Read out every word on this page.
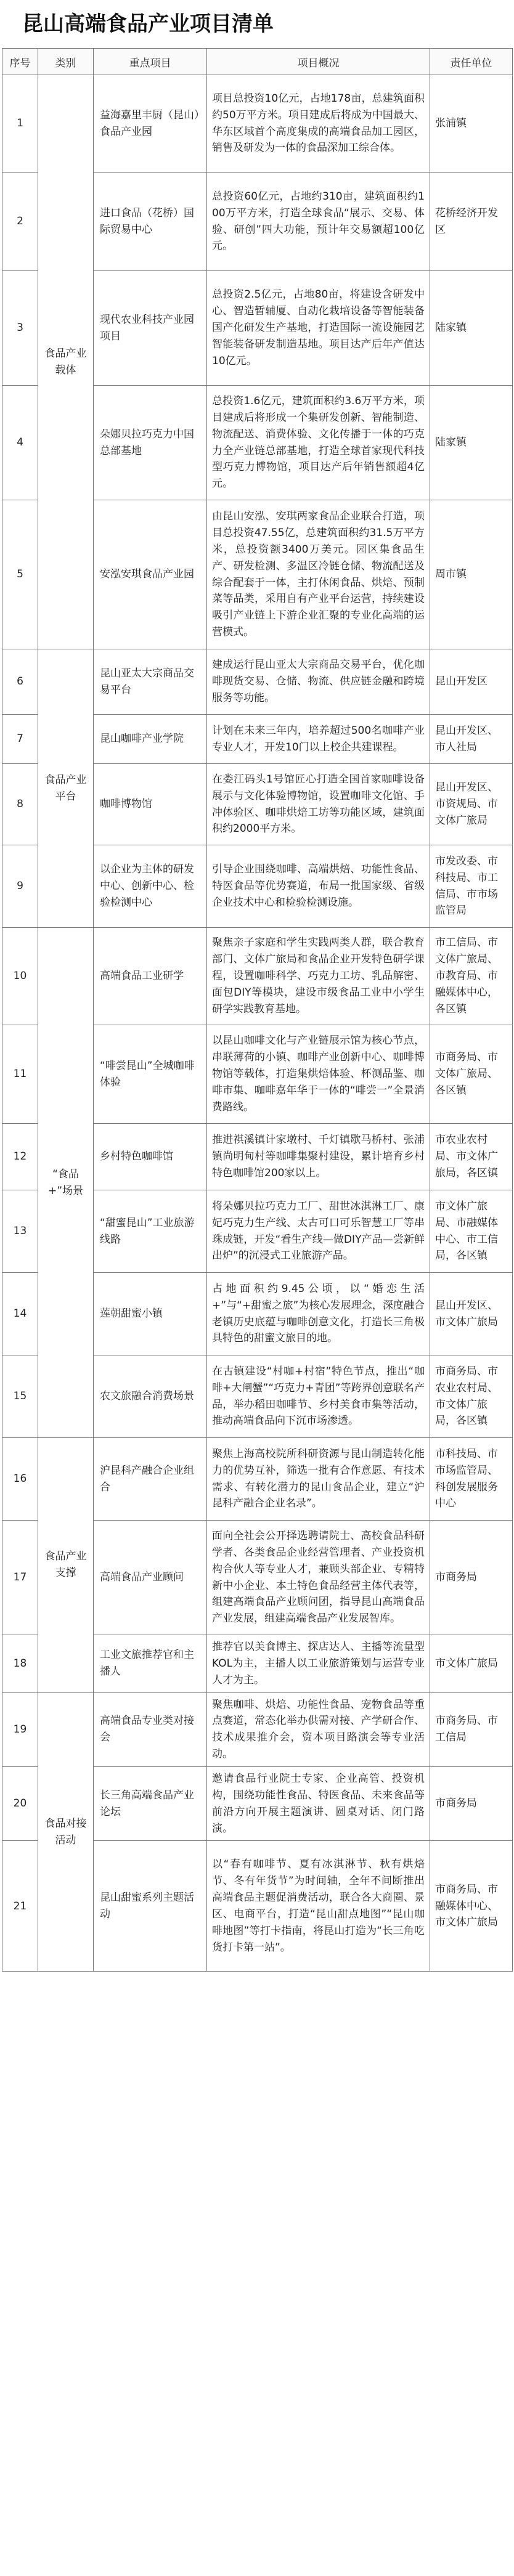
昆山高端食品产业项目清单
序号	类别	重点项目	项目概况	责任单位
1	食品产业载体	益海嘉里丰厨（昆山）食品产业园	项目总投资10亿元，占地178亩，总建筑面积约50万平方米。项目建成后将成为中国最大、华东区域首个高度集成的高端食品加工园区，销售及研发为一体的食品深加工综合体。	张浦镇
2		进口食品（花桥）国际贸易中心	总投资60亿元，占地约310亩，建筑面积约100万平方米，打造全球食品“展示、交易、体验、研创”四大功能，预计年交易额超100亿元。	花桥经济开发区
3		现代农业科技产业园项目	总投资2.5亿元，占地80亩，将建设含研发中心、智造暂辅厦、自动化栽培设备等智能装备国产化研发生产基地，打造国际一流设施园艺智能装备研发制造基地。项目达产后年产值达10亿元。	陆家镇
4		朵娜贝拉巧克力中国总部基地	总投资1.6亿元，建筑面积约3.6万平方米，项目建成后将形成一个集研发创新、智能制造、物流配送、消费体验、文化传播于一体的巧克力全产业链总部基地，打造全球首家现代科技型巧克力博物馆，项目达产后年销售额超4亿元。	陆家镇
5		安泓安琪食品产业园	由昆山安泓、安琪两家食品企业联合打造，项目总投资47.55亿，总建筑面积约31.5万平方米，总投资额3400万美元。园区集食品生产、研发检测、多温区冷链仓储、物流配送及综合配套于一体，主打休闲食品、烘焙、预制菜等品类，采用自有产业平台运营，持续建设吸引产业链上下游企业汇聚的专业化高端的运营模式。	周市镇
6	食品产业平台	昆山亚太大宗商品交易平台	建成运行昆山亚太大宗商品交易平台，优化咖啡现货交易、仓储、物流、供应链金融和跨境服务等功能。	昆山开发区
7		昆山咖啡产业学院	计划在未来三年内，培养超过500名咖啡产业专业人才，开发10门以上校企共建课程。	昆山开发区、市人社局
8		咖啡博物馆	在娄江码头1号馆匠心打造全国首家咖啡设备展示与文化体验博物馆，设置咖啡文化馆、手冲体验区、咖啡烘焙工坊等功能区域，建筑面积约2000平方米。	昆山开发区、市资规局、市文体广旅局
9		以企业为主体的研发中心、创新中心、检验检测中心	引导企业围绕咖啡、高端烘焙、功能性食品、特医食品等优势赛道，布局一批国家级、省级企业技术中心和检验检测设施。	市发改委、市科技局、市工信局、市市场监管局
10	“食品+”场景	高端食品工业研学	聚焦亲子家庭和学生实践两类人群，联合教育部门、文体广旅局和食品企业开发特色研学课程，设置咖啡科学、巧克力工坊、乳品解密、面包DIY等模块，建设市级食品工业中小学生研学实践教育基地。	市工信局、市文体广旅局、市教育局、市融媒体中心，各区镇
11		“啡尝昆山”全城咖啡体验	以昆山咖啡文化与产业链展示馆为核心节点，串联薄荷的小镇、咖啡产业创新中心、咖啡博物馆等载体，打造集烘焙体验、杯测品鉴、咖啡市集、咖啡嘉年华于一体的“啡尝一”全景消费路线。	市商务局、市文体广旅局、各区镇
12		乡村特色咖啡馆	推进祺溪镇计家墩村、千灯镇歇马桥村、张浦镇尚明甸村等咖啡集聚村建设，累计培育乡村特色咖啡馆200家以上。	市农业农村局、市文体广旅局，各区镇
13		“甜蜜昆山”工业旅游线路	将朵娜贝拉巧克力工厂、甜世冰淇淋工厂、康妃巧克力生产线、太古可口可乐智慧工厂等串珠成链，开发“看生产线—做DIY产品—尝新鲜出炉”的沉浸式工业旅游产品。	市文体广旅局、市融媒体中心、市工信局，各区镇
14		莲朝甜蜜小镇	占地面积约9.45公顷，以“婚恋生活+”与“+甜蜜之旅”为核心发展理念，深度融合老镇历史底蕴与咖啡创意文化，打造长三角极具特色的甜蜜文旅目的地。	昆山开发区、市文体广旅局
15		农文旅融合消费场景	在古镇建设“村咖+村宿”特色节点，推出“咖啡+大闸蟹”“巧克力+青团”等跨界创意联名产品，举办稻田咖啡节、乡村美食市集等活动，推动高端食品向下沉市场渗透。	市商务局、市农业农村局、市文体广旅局，各区镇
16	食品产业支撑	沪昆科产融合企业组合	聚焦上海高校院所科研资源与昆山制造转化能力的优势互补，筛选一批有合作意愿、有技术需求、有转化潜力的昆山食品企业，建立“沪昆科产融合企业名录”。	市科技局、市市场监管局、科创发展服务中心
17		高端食品产业顾问	面向全社会公开择选聘请院士、高校食品科研学者、各类食品企业经营管理者、产业投资机构合伙人等专业人才，兼顾头部企业、专精特新中小企业、本土特色食品经营主体代表等，组建高端食品产业顾问团，指导昆山高端食品产业发展，组建高端食品产业发展智库。	市商务局
18		工业文旅推荐官和主播人	推荐官以美食博主、探店达人、主播等流量型KOL为主，主播人以工业旅游策划与运营专业人才为主。	市文体广旅局
19	食品对接活动	高端食品专业类对接会	聚焦咖啡、烘焙、功能性食品、宠物食品等重点赛道，常态化举办供需对接、产学研合作、技术成果推介会，资本项目路演会等专业活动。	市商务局、市工信局
20		长三角高端食品产业论坛	邀请食品行业院士专家、企业高管、投资机构，围绕功能性食品、特医食品、未来食品等前沿方向开展主题演讲、圆桌对话、闭门路演。	市商务局
21		昆山甜蜜系列主题活动	以“春有咖啡节、夏有冰淇淋节、秋有烘焙节、冬有年货节”为时间轴，全年不间断推出高端食品主题促消费活动，联合各大商圈、景区、电商平台，打造“昆山甜点地图”“昆山咖啡地图”等打卡指南，将昆山打造为“长三角吃货打卡第一站”。	市商务局、市融媒体中心、市文体广旅局
